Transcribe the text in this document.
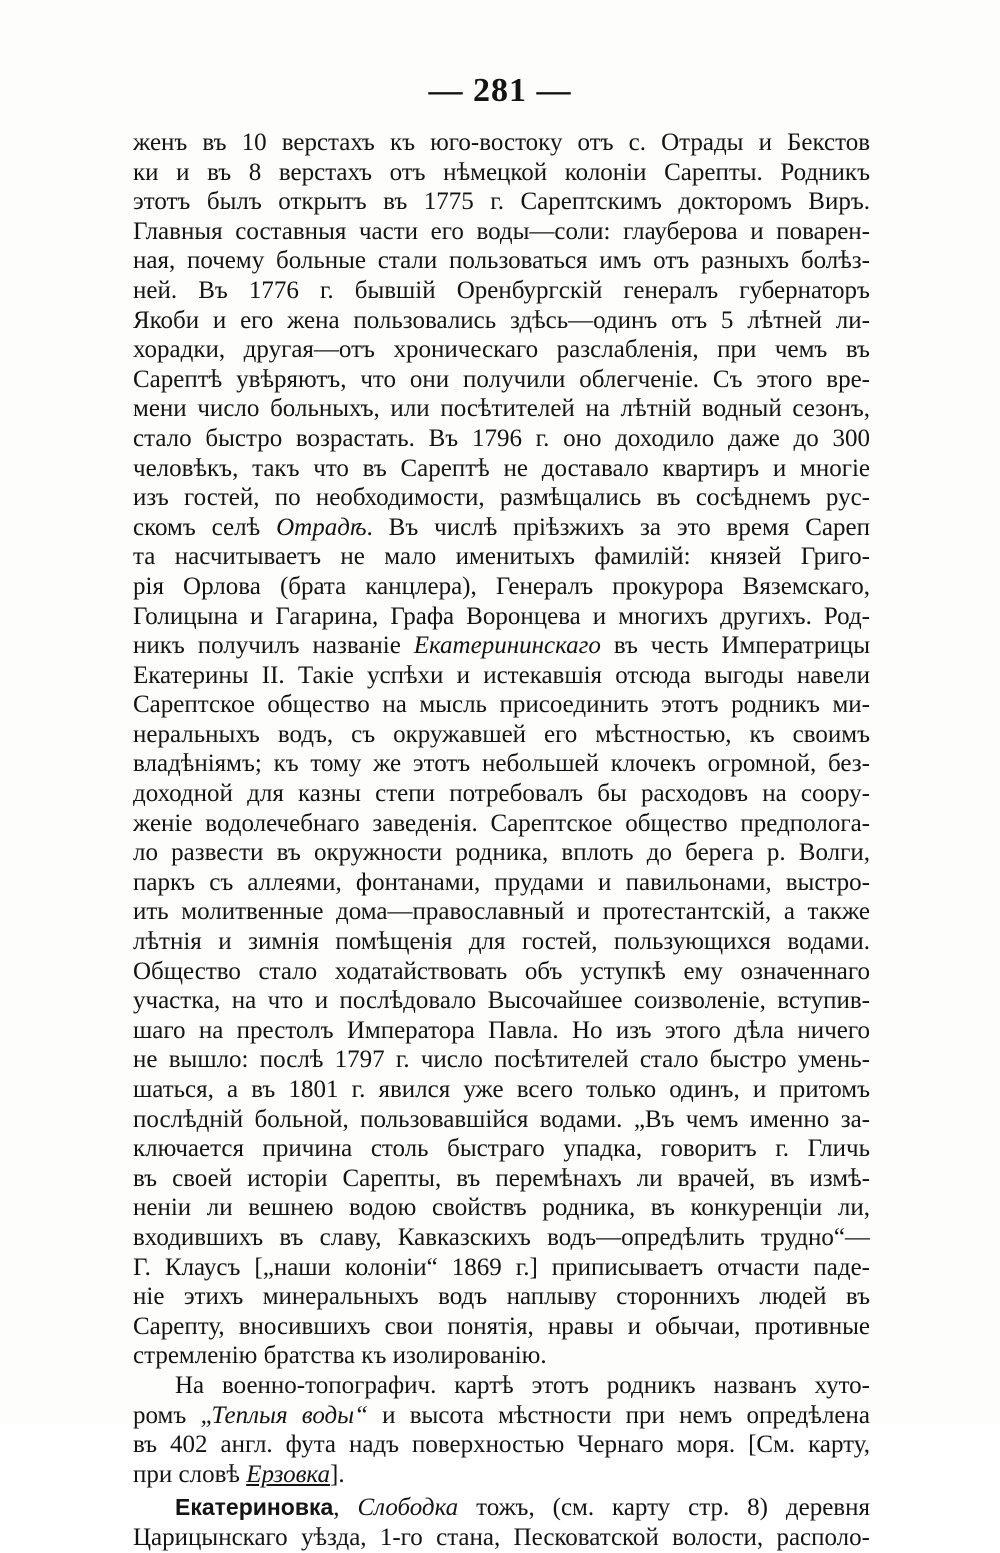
— 281 —
женъ въ 10 верстахъ къ юго-востоку отъ с. Отрады и Бекстов
ки и въ 8 верстахъ отъ нѣмецкой колоніи Сарепты. Родникъ
этотъ былъ открытъ въ 1775 г. Сарептскимъ докторомъ Виръ.
Главныя составныя части его воды—соли: глауберова и поварен-
ная, почему больные стали пользоваться имъ отъ разныхъ болѣз-
ней. Въ 1776 г. бывшій Оренбургскій генералъ губернаторъ
Якоби и его жена пользовались здѣсь—одинъ отъ 5 лѣтней ли-
хорадки, другая—отъ хроническаго разслабленія, при чемъ въ
Сарептѣ увѣряютъ, что они получили облегченіе. Съ этого вре-
мени число больныхъ, или посѣтителей на лѣтній водный сезонъ,
стало быстро возрастать. Въ 1796 г. оно доходило даже до 300
человѣкъ, такъ что въ Сарептѣ не доставало квартиръ и многіе
изъ гостей, по необходимости, размѣщались въ сосѣднемъ рус-
скомъ селѣ Отрадѣ. Въ числѣ пріѣзжихъ за это время Сареп
та насчитываетъ не мало именитыхъ фамилій: князей Григо-
рія Орлова (брата канцлера), Генералъ прокурора Вяземскаго,
Голицына и Гагарина, Графа Воронцева и многихъ другихъ. Род-
никъ получилъ названіе Екатерининскаго въ честь Императрицы
Екатерины II. Такіе успѣхи и истекавшія отсюда выгоды навели
Сарептское общество на мысль присоединить этотъ родникъ ми-
неральныхъ водъ, съ окружавшей его мѣстностью, къ своимъ
владѣніямъ; къ тому же этотъ небольшей клочекъ огромной, без-
доходной для казны степи потребовалъ бы расходовъ на соору-
женіе водолечебнаго заведенія. Сарептское общество предполога-
ло развести въ окружности родника, вплоть до берега р. Волги,
паркъ съ аллеями, фонтанами, прудами и павильонами, выстро-
ить молитвенные дома—православный и протестантскій, а также
лѣтнія и зимнія помѣщенія для гостей, пользующихся водами.
Общество стало ходатайствовать объ уступкѣ ему означеннаго
участка, на что и послѣдовало Высочайшее соизволеніе, вступив-
шаго на престолъ Императора Павла. Но изъ этого дѣла ничего
не вышло: послѣ 1797 г. число посѣтителей стало быстро умень-
шаться, а въ 1801 г. явился уже всего только одинъ, и притомъ
послѣдній больной, пользовавшійся водами. „Въ чемъ именно за-
ключается причина столь быстраго упадка, говоритъ г. Гличь
въ своей исторіи Сарепты, въ перемѣнахъ ли врачей, въ измѣ-
неніи ли вешнею водою свойствъ родника, въ конкуренціи ли,
входившихъ въ славу, Кавказскихъ водъ—опредѣлить трудно“—
Г. Клаусъ [„наши колоніи“ 1869 г.] приписываетъ отчасти паде-
ніе этихъ минеральныхъ водъ наплыву стороннихъ людей въ
Сарепту, вносившихъ свои понятія, нравы и обычаи, противные
стремленію братства къ изолированію.
На военно-топографич. картѣ этотъ родникъ названъ хуто-
ромъ „Теплыя воды“ и высота мѣстности при немъ опредѣлена
въ 402 англ. фута надъ поверхностью Чернаго моря. [См. карту,
при словѣ Ерзовка].
Екатериновка, Слободка тожъ, (см. карту стр. 8) деревня
Царицынскаго уѣзда, 1-го стана, Песковатской волости, располо-
